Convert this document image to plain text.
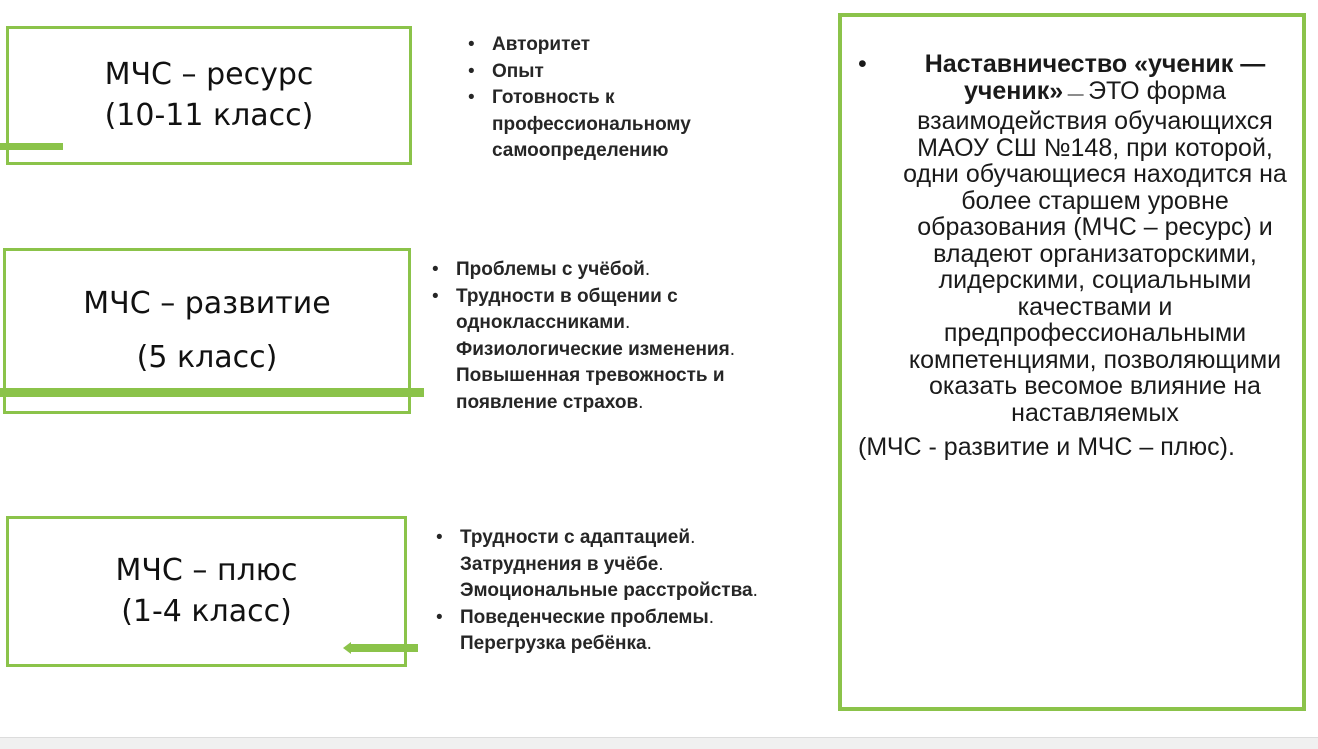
МЧС – ресурс
(10-11 класс)
МЧС – развитие
(5 класс)
МЧС – плюс
(1-4 класс)
• Авторитет
• Опыт
• Готовность к профессиональному самоопределению
• Проблемы с учёбой.
• Трудности в общении с одноклассниками.
Физиологические изменения.
Повышенная тревожность и появление страхов.
• Трудности с адаптацией.
Затруднения в учёбе.
Эмоциональные расстройства.
• Поведенческие проблемы.
Перегрузка ребёнка.
•	Наставничество «ученик — ученик» — ЭТО форма взаимодействия обучающихся МАОУ СШ №148, при которой, одни обучающиеся находится на более старшем уровне образования (МЧС – ресурс) и владеют организаторскими, лидерскими, социальными качествами и предпрофессиональными компетенциями, позволяющими оказать весомое влияние на наставляемых
(МЧС - развитие и МЧС – плюс).
